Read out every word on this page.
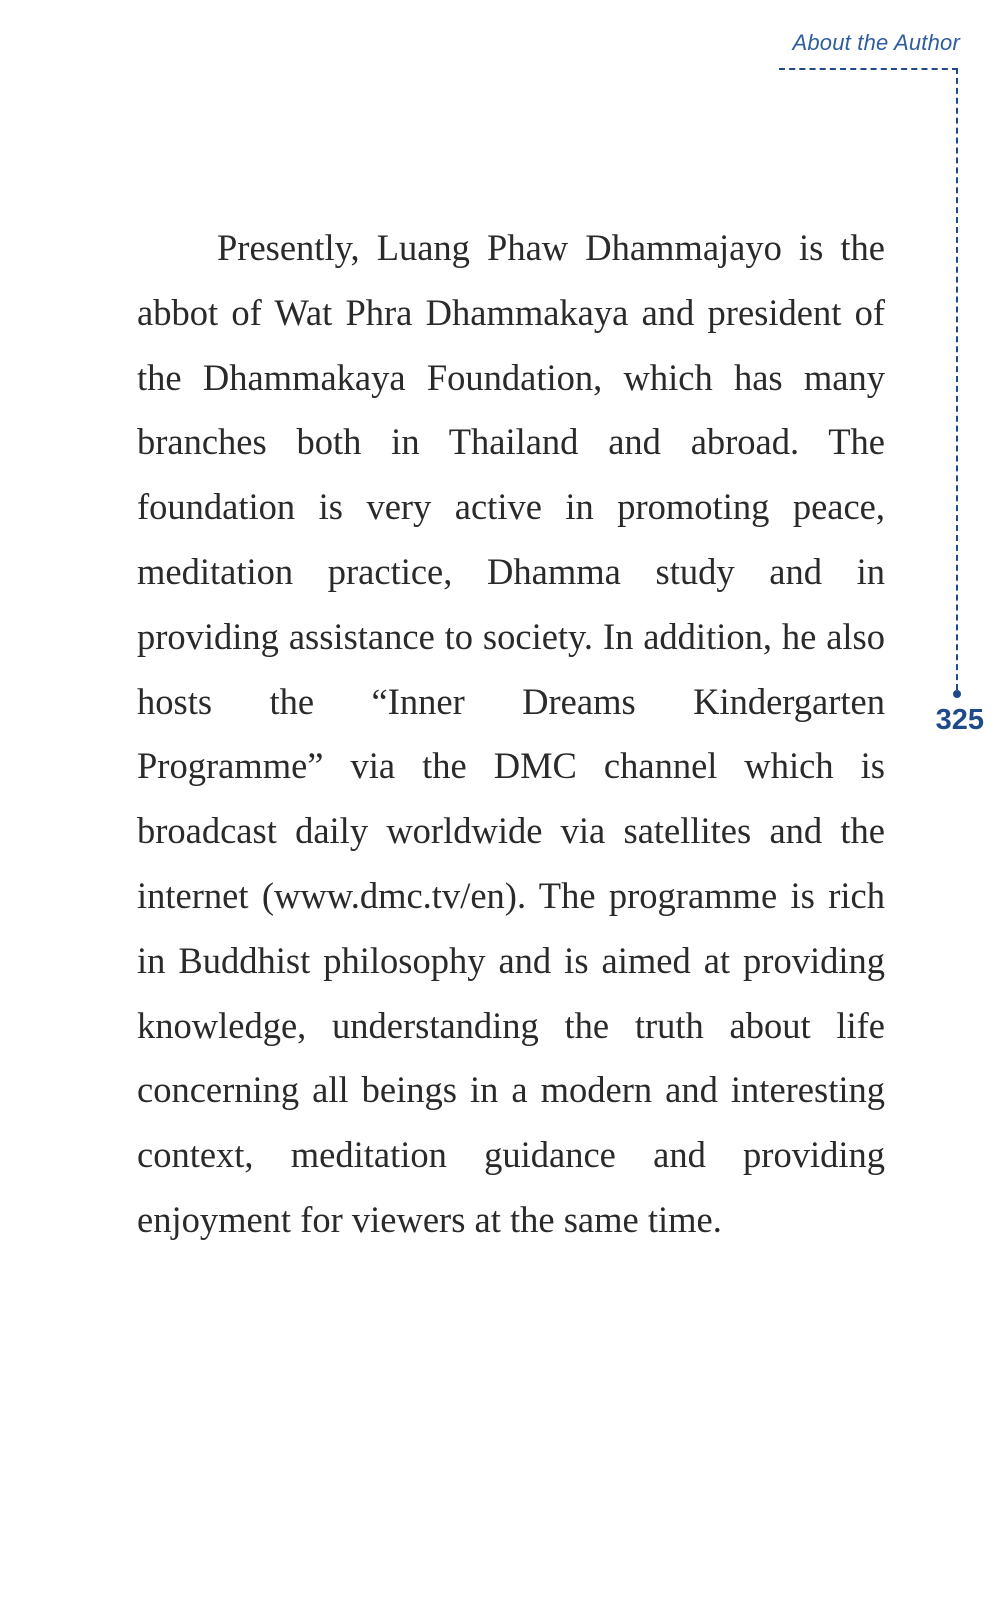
About the Author
325

Presently, Luang Phaw Dhammajayo is the abbot of Wat Phra Dhammakaya and president of the Dhammakaya Foundation, which has many branches both in Thailand and abroad. The foundation is very active in promoting peace, meditation practice, Dhamma study and in providing assistance to society. In addition, he also hosts the “Inner Dreams Kindergarten Programme” via the DMC channel which is broadcast daily worldwide via satellites and the internet (www.dmc.tv/en). The programme is rich in Buddhist philosophy and is aimed at providing knowledge, understanding the truth about life concerning all beings in a modern and interesting context, meditation guidance and providing enjoyment for viewers at the same time.
